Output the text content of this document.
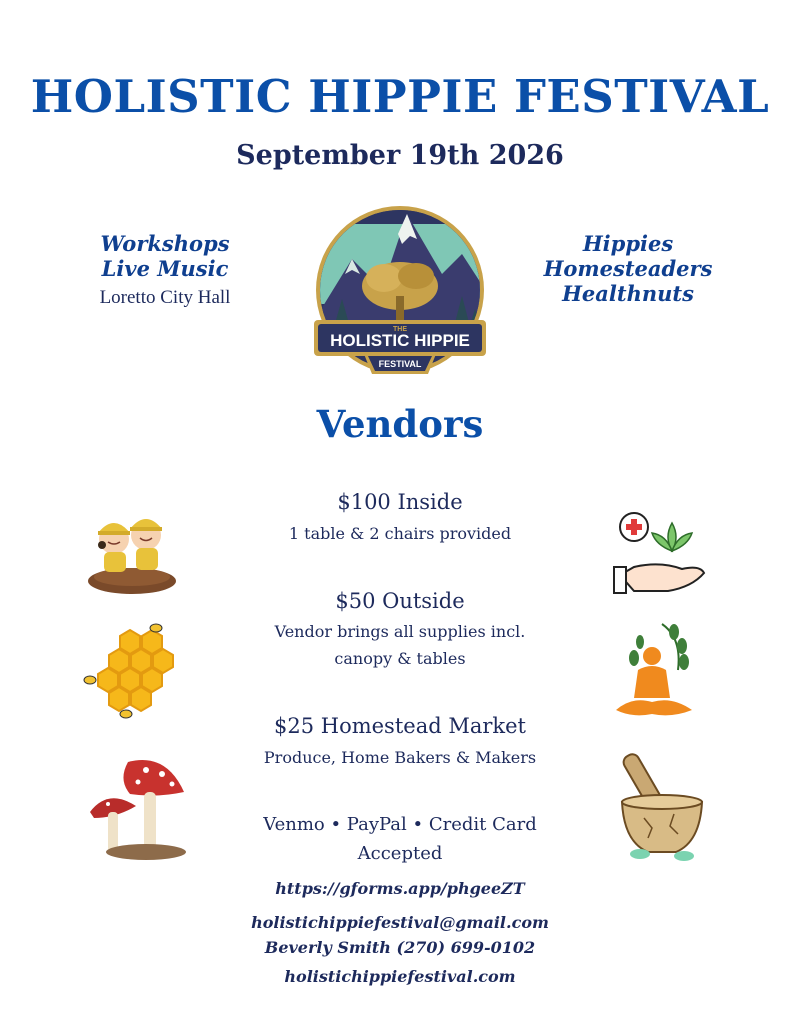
HOLISTIC HIPPIE FESTIVAL
September 19th 2026

Workshops

Live Music

Loretto City Hall

Hippies

Homesteaders

Healthnuts

THE
HOLISTIC HIPPIE
FESTIVAL
Vendors
$100 Inside
1 table & 2 chairs provided
$50 Outside
Vendor brings all supplies incl.
canopy & tables
$25 Homestead Market
Produce, Home Bakers & Makers
Venmo • PayPal • Credit Card
Accepted
https://gforms.app/phgeeZT
holistichippiefestival@gmail.com
Beverly Smith (270) 699-0102
holistichippiefestival.com
